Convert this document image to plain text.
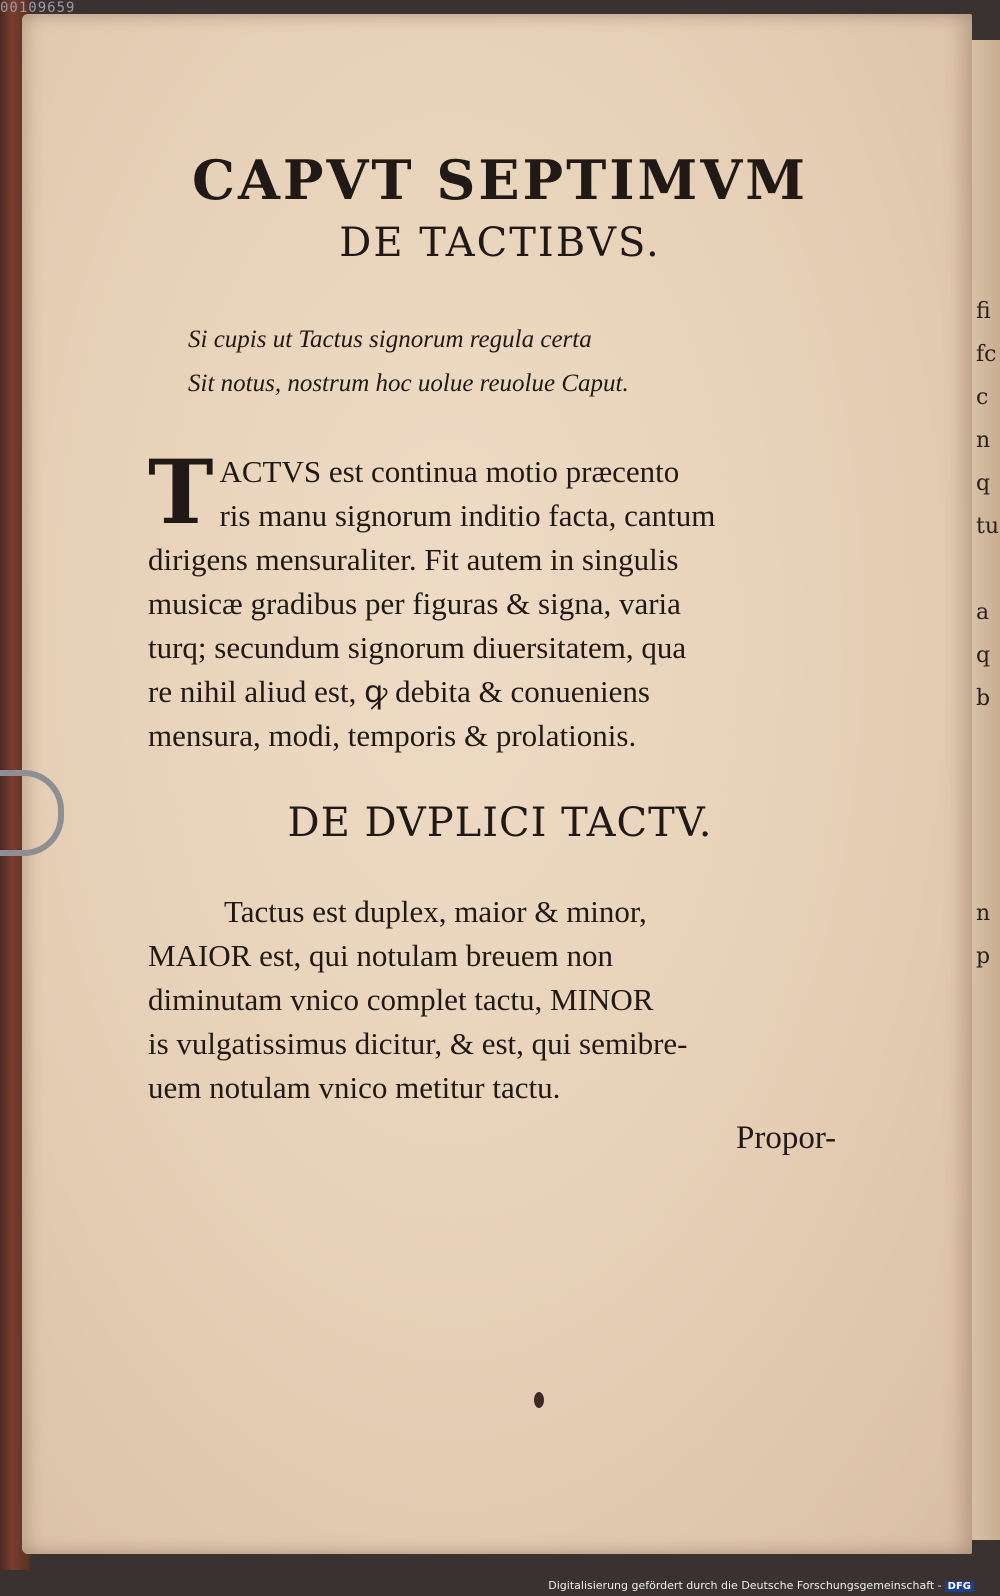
fi
fc
c
n
q
tu
a
q
b
n
p
00109659
CAPVT SEPTIMVM
DE TACTIBVS.
Si cupis ut Tactus signorum regula certa
Sit notus, nostrum hoc uolue reuolue Caput.
T ACTVS est continua motio præcento
ris manu signorum inditio facta, cantum
dirigens mensuraliter. Fit autem in singulis
musicæ gradibus per figuras & signa, varia
turq; secundum signorum diuersitatem, qua
re nihil aliud est, ꝙ debita & conueniens
mensura, modi, temporis & prolationis.
DE DVPLICI TACTV.
Tactus est duplex, maior & minor,
MAIOR est, qui notulam breuem non
diminutam vnico complet tactu, MINOR
is vulgatissimus dicitur, & est, qui semibre-
uem notulam vnico metitur tactu.
Propor-
Digitalisierung gefördert durch die Deutsche Forschungsgemeinschaft - DFG
